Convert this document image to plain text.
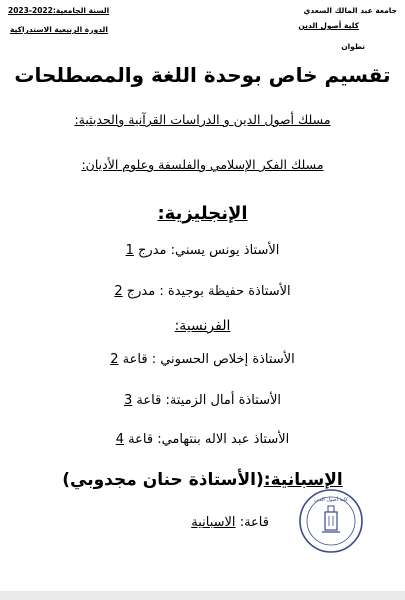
السنة الجامعية:2022-2023
الدورة الربيعية الاستدراكية
جامعة عبد المالك السعدي
كلية أصول الدين
تطوان
تقسيم خاص بوحدة اللغة والمصطلحات
مسلك أصول الدين و الدراسات القرآنية والحديثية:
مسلك الفكر الإسلامي والفلسفة وعلوم الأديان:
الإنجليزية:
الأستاذ يونس يسني: مدرج 1
الأستاذة حفيظة بوجيدة : مدرج 2
الفرنسية:
الأستاذة إخلاص الحسوني : قاعة 2
الأستاذة أمال الزميتة: قاعة 3
الأستاذ عبد الاله بنتهامي: قاعة 4
الإسبانية:(الأستاذة حنان مجدوبي)
قاعة: الاسبانية
كلية أصول الدين
